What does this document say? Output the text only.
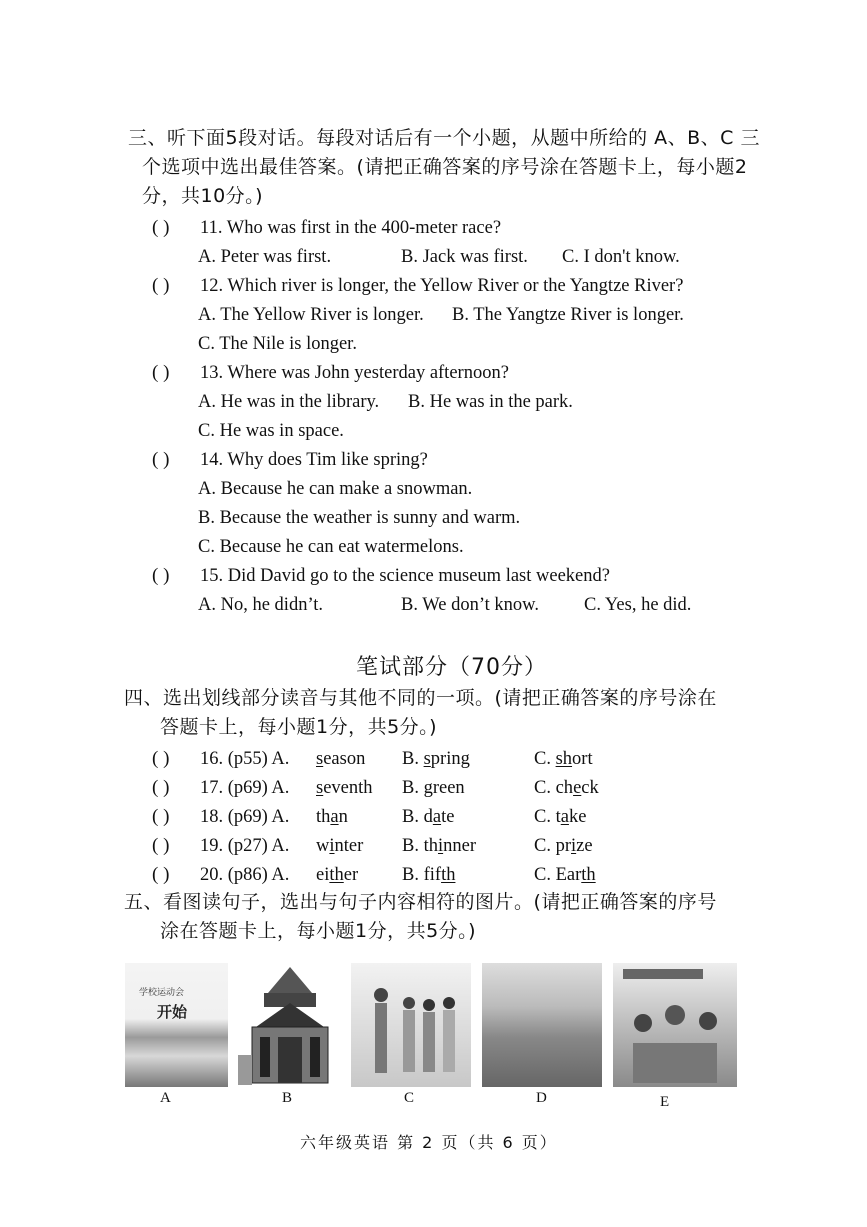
三、听下面5段对话。每段对话后有一个小题，从题中所给的 A、B、C 三

个选项中选出最佳答案。(请把正确答案的序号涂在答题卡上，每小题2
分，共10分。)
( ) 11. Who was first in the 400-meter race?
A. Peter was first.	B. Jack was first. C. I don't know.
( ) 12. Which river is longer, the Yellow River or the Yangtze River?
A. The Yellow River is longer. B. The Yangtze River is longer.
C. The Nile is longer.
( ) 13. Where was John yesterday afternoon?
A. He was in the library. B. He was in the park.
C. He was in space.
( ) 14. Why does Tim like spring?
A. Because he can make a snowman.
B. Because the weather is sunny and warm.
C. Because he can eat watermelons.
( ) 15. Did David go to the science museum last weekend?
A. No, he didn’t.	B. We don’t know. C. Yes, he did.
笔试部分（70分）
四、选出划线部分读音与其他不同的一项。(请把正确答案的序号涂在

答题卡上，每小题1分，共5分。)
( ) 16. (p55) A. season B. spring	C. short
( ) 17. (p69) A. seventh B. green	C. check
( ) 18. (p69) A. than	B. date	C. take
( ) 19. (p27) A. winter B. thinner	C. prize
( ) 20. (p86) A. either B. fifth	C. Earth
五、看图读句子，选出与句子内容相符的图片。(请把正确答案的序号

涂在答题卡上，每小题1分，共5分。)
学校运动会
开始
A	B	C	D	E
六年级英语 第 2 页（共 6 页）
